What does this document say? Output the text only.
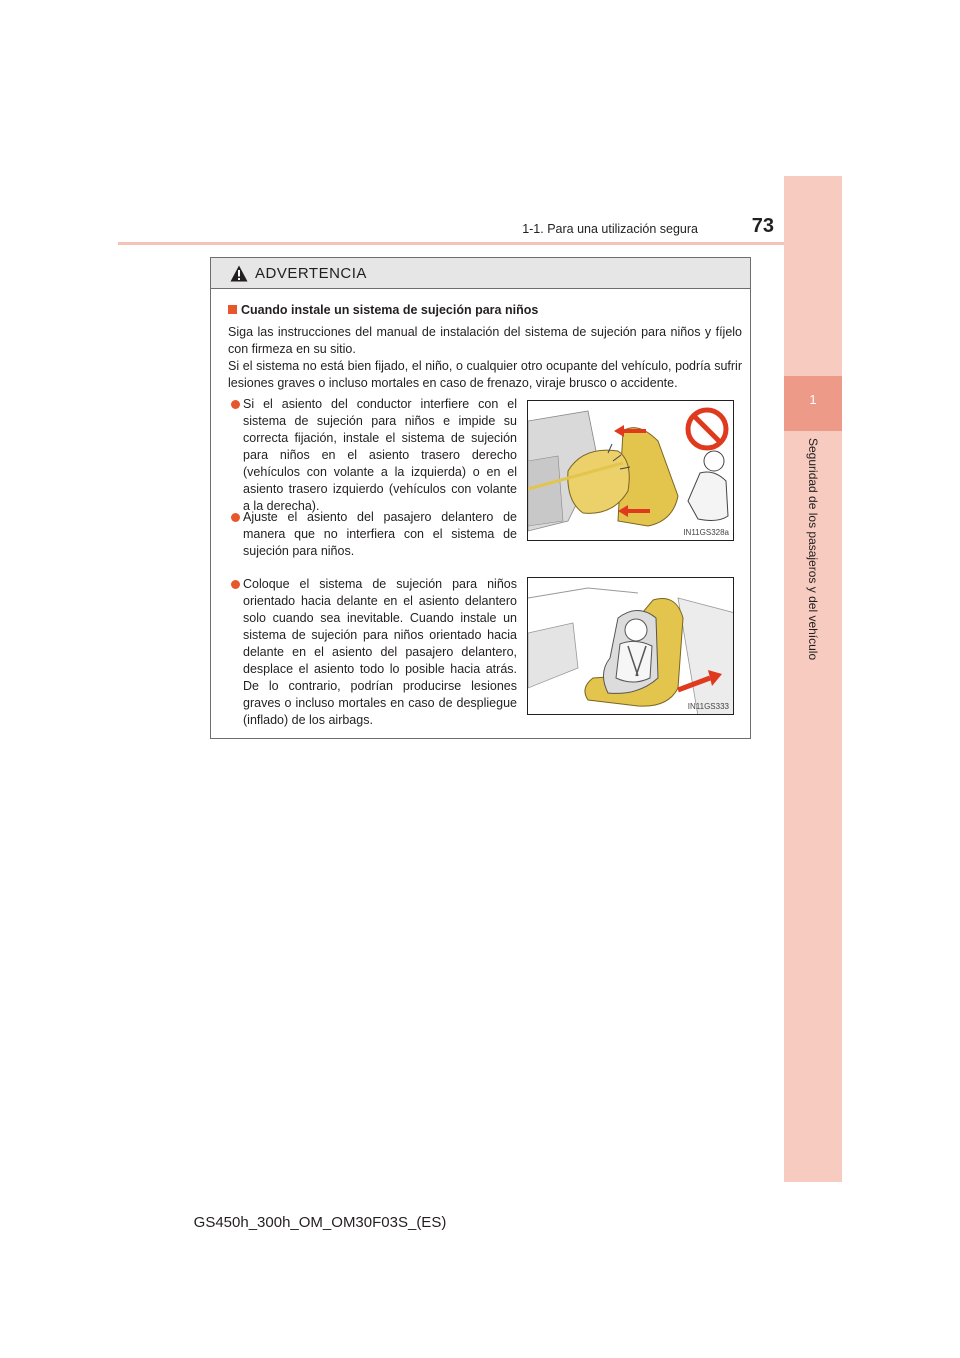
1-1. Para una utilización segura	73
1
Seguridad de los pasajeros y del vehículo
ADVERTENCIA
Cuando instale un sistema de sujeción para niños

Siga las instrucciones del manual de instalación del sistema de sujeción para niños y fíjelo con firmeza en su sitio.

Si el sistema no está bien fijado, el niño, o cualquier otro ocupante del vehículo, podría sufrir lesiones graves o incluso mortales en caso de frenazo, viraje brusco o accidente.

Si el asiento del conductor interfiere con el sistema de sujeción para niños e impide su correcta fijación, instale el sistema de sujeción para niños en el asiento trasero derecho (vehículos con volante a la izquierda) o en el asiento trasero izquierdo (vehículos con volante a la derecha).
Ajuste el asiento del pasajero delantero de manera que no interfiera con el sistema de sujeción para niños.
Coloque el sistema de sujeción para niños orientado hacia delante en el asiento delantero solo cuando sea inevitable. Cuando instale un sistema de sujeción para niños orientado hacia delante en el asiento del pasajero delantero, desplace el asiento todo lo posible hacia atrás. De lo contrario, podrían producirse lesiones graves o incluso mortales en caso de despliegue (inflado) de los airbags.
IN11GS328a
IN11GS333
GS450h_300h_OM_OM30F03S_(ES)
